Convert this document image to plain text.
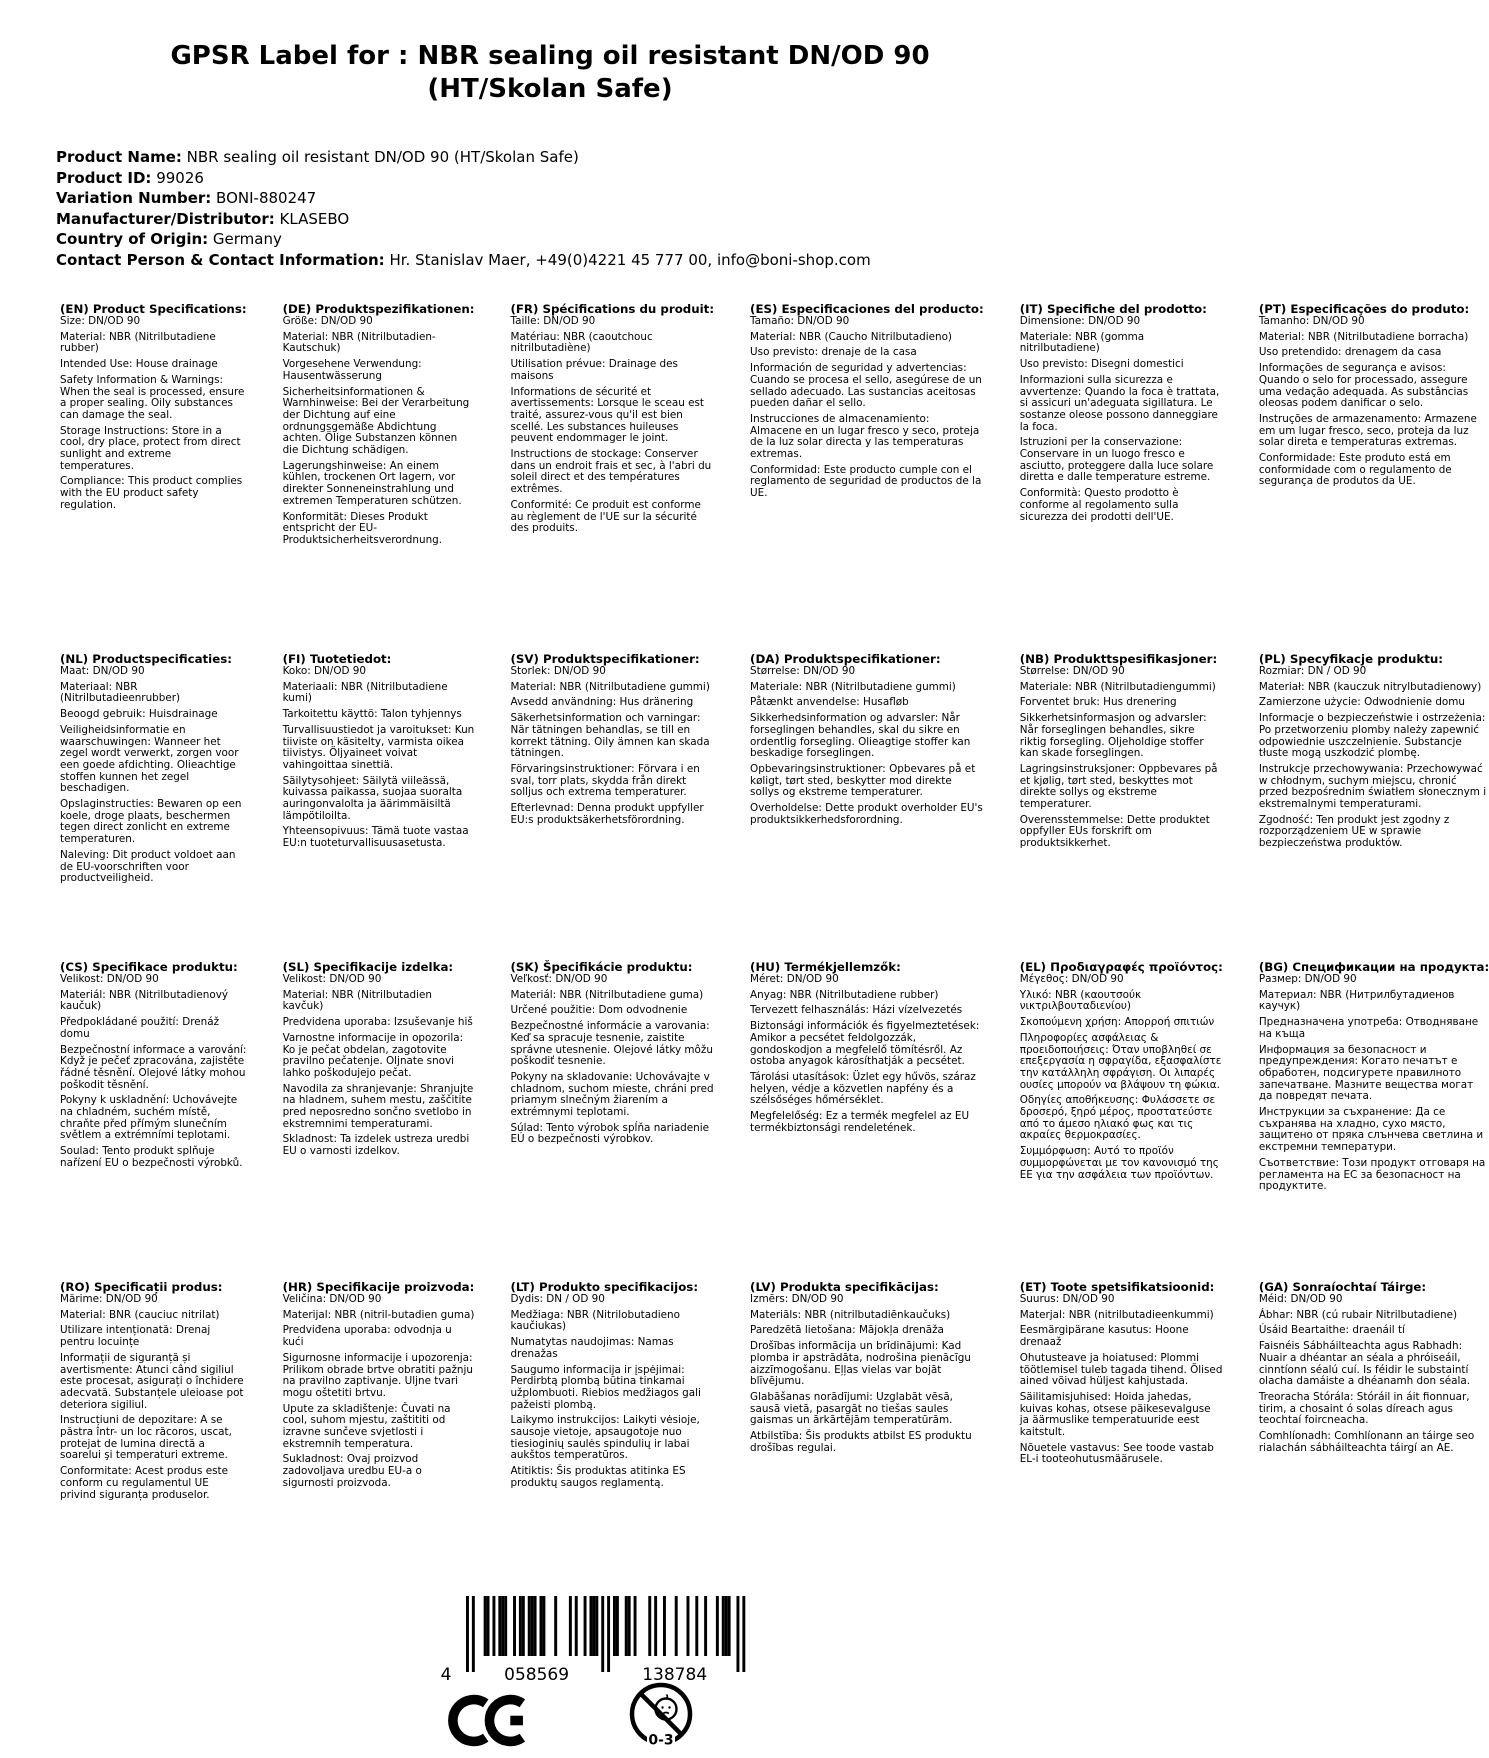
GPSR Label for : NBR sealing oil resistant DN/OD 90 (HT/Skolan Safe)
Product Name: NBR sealing oil resistant DN/OD 90 (HT/Skolan Safe)
Product ID: 99026
Variation Number: BONI-880247
Manufacturer/Distributor: KLASEBO
Country of Origin: Germany
Contact Person & Contact Information: Hr. Stanislav Maer, +49(0)4221 45 777 00, info@boni-shop.com
(EN) Product Specifications:

Size: DN/OD 90

Material: NBR (Nitrilbutadiene rubber)

Intended Use: House drainage

Safety Information & Warnings: When the seal is processed, ensure a proper sealing. Oily substances can damage the seal.

Storage Instructions: Store in a cool, dry place, protect from direct sunlight and extreme temperatures.

Compliance: This product complies with the EU product safety regulation.

(DE) Produktspezifikationen:

Größe: DN/OD 90

Material: NBR (Nitrilbutadien-Kautschuk)

Vorgesehene Verwendung: Hausentwässerung

Sicherheitsinformationen & Warnhinweise: Bei der Verarbeitung der Dichtung auf eine ordnungsgemäße Abdichtung achten. Ölige Substanzen können die Dichtung schädigen.

Lagerungshinweise: An einem kühlen, trockenen Ort lagern, vor direkter Sonneneinstrahlung und extremen Temperaturen schützen.

Konformität: Dieses Produkt entspricht der EU-Produktsicherheitsverordnung.

(FR) Spécifications du produit:

Taille: DN/OD 90

Matériau: NBR (caoutchouc nitrilbutadiène)

Utilisation prévue: Drainage des maisons

Informations de sécurité et avertissements: Lorsque le sceau est traité, assurez-vous qu'il est bien scellé. Les substances huileuses peuvent endommager le joint.

Instructions de stockage: Conserver dans un endroit frais et sec, à l'abri du soleil direct et des températures extrêmes.

Conformité: Ce produit est conforme au règlement de l'UE sur la sécurité des produits.

(ES) Especificaciones del producto:

Tamaño: DN/OD 90

Material: NBR (Caucho Nitrilbutadieno)

Uso previsto: drenaje de la casa

Información de seguridad y advertencias: Cuando se procesa el sello, asegúrese de un sellado adecuado. Las sustancias aceitosas pueden dañar el sello.

Instrucciones de almacenamiento: Almacene en un lugar fresco y seco, proteja de la luz solar directa y las temperaturas extremas.

Conformidad: Este producto cumple con el reglamento de seguridad de productos de la UE.

(IT) Specifiche del prodotto:

Dimensione: DN/OD 90

Materiale: NBR (gomma nitrilbutadiene)

Uso previsto: Disegni domestici

Informazioni sulla sicurezza e avvertenze: Quando la foca è trattata, si assicuri un'adeguata sigillatura. Le sostanze oleose possono danneggiare la foca.

Istruzioni per la conservazione: Conservare in un luogo fresco e asciutto, proteggere dalla luce solare diretta e dalle temperature estreme.

Conformità: Questo prodotto è conforme al regolamento sulla sicurezza dei prodotti dell'UE.

(PT) Especificações do produto:

Tamanho: DN/OD 90

Material: NBR (Nitrilbutadiene borracha)

Uso pretendido: drenagem da casa

Informações de segurança e avisos: Quando o selo for processado, assegure uma vedação adequada. As substâncias oleosas podem danificar o selo.

Instruções de armazenamento: Armazene em um lugar fresco, seco, proteja da luz solar direta e temperaturas extremas.

Conformidade: Este produto está em conformidade com o regulamento de segurança de produtos da UE.

(NL) Productspecificaties:

Maat: DN/OD 90

Materiaal: NBR (Nitrilbutadieenrubber)

Beoogd gebruik: Huisdrainage

Veiligheidsinformatie en waarschuwingen: Wanneer het zegel wordt verwerkt, zorgen voor een goede afdichting. Olieachtige stoffen kunnen het zegel beschadigen.

Opslaginstructies: Bewaren op een koele, droge plaats, beschermen tegen direct zonlicht en extreme temperaturen.

Naleving: Dit product voldoet aan de EU-voorschriften voor productveiligheid.

(FI) Tuotetiedot:

Koko: DN/OD 90

Materiaali: NBR (Nitrilbutadiene kumi)

Tarkoitettu käyttö: Talon tyhjennys

Turvallisuustiedot ja varoitukset: Kun tiiviste on käsitelty, varmista oikea tiivistys. Öljyaineet voivat vahingoittaa sinettiä.

Säilytysohjeet: Säilytä viileässä, kuivassa paikassa, suojaa suoralta auringonvalolta ja äärimmäisiltä lämpötiloilta.

Yhteensopivuus: Tämä tuote vastaa EU:n tuoteturvallisuusasetusta.

(SV) Produktspecifikationer:

Storlek: DN/OD 90

Material: NBR (Nitrilbutadiene gummi)

Avsedd användning: Hus dränering

Säkerhetsinformation och varningar: När tätningen behandlas, se till en korrekt tätning. Oily ämnen kan skada tätningen.

Förvaringsinstruktioner: Förvara i en sval, torr plats, skydda från direkt solljus och extrema temperaturer.

Efterlevnad: Denna produkt uppfyller EU:s produktsäkerhetsförordning.

(DA) Produktspecifikationer:

Størrelse: DN/OD 90

Materiale: NBR (Nitrilbutadiene gummi)

Påtænkt anvendelse: Husafløb

Sikkerhedsinformation og advarsler: Når forseglingen behandles, skal du sikre en ordentlig forsegling. Olieagtige stoffer kan beskadige forseglingen.

Opbevaringsinstruktioner: Opbevares på et køligt, tørt sted, beskytter mod direkte sollys og ekstreme temperaturer.

Overholdelse: Dette produkt overholder EU's produktsikkerhedsforordning.

(NB) Produkttspesifikasjoner:

Størrelse: DN/OD 90

Materiale: NBR (Nitrilbutadiengummi)

Forventet bruk: Hus drenering

Sikkerhetsinformasjon og advarsler: Når forseglingen behandles, sikre riktig forsegling. Oljeholdige stoffer kan skade forseglingen.

Lagringsinstruksjoner: Oppbevares på et kjølig, tørt sted, beskyttes mot direkte sollys og ekstreme temperaturer.

Overensstemmelse: Dette produktet oppfyller EUs forskrift om produktsikkerhet.

(PL) Specyfikacje produktu:

Rozmiar: DN / OD 90

Materiał: NBR (kauczuk nitrylbutadienowy)

Zamierzone użycie: Odwodnienie domu

Informacje o bezpieczeństwie i ostrzeżenia: Po przetworzeniu plomby należy zapewnić odpowiednie uszczelnienie. Substancje tłuste mogą uszkodzić plombę.

Instrukcje przechowywania: Przechowywać w chłodnym, suchym miejscu, chronić przed bezpośrednim światłem słonecznym i ekstremalnymi temperaturami.

Zgodność: Ten produkt jest zgodny z rozporządzeniem UE w sprawie bezpieczeństwa produktów.

(CS) Specifikace produktu:

Velikost: DN/OD 90

Materiál: NBR (Nitrilbutadienový kaučuk)

Předpokládané použití: Drenáž domu

Bezpečnostní informace a varování: Když je pečeť zpracována, zajistěte řádné těsnění. Olejové látky mohou poškodit těsnění.

Pokyny k uskladnění: Uchovávejte na chladném, suchém místě, chraňte před přímým slunečním světlem a extrémními teplotami.

Soulad: Tento produkt splňuje nařízení EU o bezpečnosti výrobků.

(SL) Specifikacije izdelka:

Velikost: DN/OD 90

Material: NBR (Nitrilbutadien kavčuk)

Predvidena uporaba: Izsuševanje hiš

Varnostne informacije in opozorila: Ko je pečat obdelan, zagotovite pravilno pečatenje. Oljnate snovi lahko poškodujejo pečat.

Navodila za shranjevanje: Shranjujte na hladnem, suhem mestu, zaščitite pred neposredno sončno svetlobo in ekstremnimi temperaturami.

Skladnost: Ta izdelek ustreza uredbi EU o varnosti izdelkov.

(SK) Špecifikácie produktu:

Veľkosť: DN/OD 90

Materiál: NBR (Nitrilbutadiene guma)

Určené použitie: Dom odvodnenie

Bezpečnostné informácie a varovania: Keď sa spracuje tesnenie, zaistite správne utesnenie. Olejové látky môžu poškodiť tesnenie.

Pokyny na skladovanie: Uchovávajte v chladnom, suchom mieste, chráni pred priamym slnečným žiarením a extrémnymi teplotami.

Súlad: Tento výrobok spĺňa nariadenie EÚ o bezpečnosti výrobkov.

(HU) Termékjellemzők:

Méret: DN/OD 90

Anyag: NBR (Nitrilbutadiene rubber)

Tervezett felhasználás: Házi vízelvezetés

Biztonsági információk és figyelmeztetések: Amikor a pecsétet feldolgozzák, gondoskodjon a megfelelő tömítésről. Az ostoba anyagok károsíthatják a pecsétet.

Tárolási utasítások: Üzlet egy hűvös, száraz helyen, védje a közvetlen napfény és a szélsőséges hőmérséklet.

Megfelelőség: Ez a termék megfelel az EU termékbiztonsági rendeletének.

(EL) Προδιαγραφές προϊόντος:

Μέγεθος: DN/OD 90

Υλικό: NBR (καουτσούκ νικτριλβουταδιενίου)

Σκοπούμενη χρήση: Απορροή σπιτιών

Πληροφορίες ασφάλειας & προειδοποιήσεις: Όταν υποβληθεί σε επεξεργασία η σφραγίδα, εξασφαλίστε την κατάλληλη σφράγιση. Οι λιπαρές ουσίες μπορούν να βλάψουν τη φώκια.

Οδηγίες αποθήκευσης: Φυλάσσετε σε δροσερό, ξηρό μέρος, προστατεύστε από το άμεσο ηλιακό φως και τις ακραίες θερμοκρασίες.

Συμμόρφωση: Αυτό το προϊόν συμμορφώνεται με τον κανονισμό της ΕΕ για την ασφάλεια των προϊόντων.

(BG) Спецификации на продукта:

Размер: DN/OD 90

Материал: NBR (Нитрилбутадиенов каучук)

Предназначена употреба: Отводняване на къща

Информация за безопасност и предупреждения: Когато печатът е обработен, подсигурете правилното запечатване. Мазните вещества могат да повредят печата.

Инструкции за съхранение: Да се съхранява на хладно, сухо място, защитено от пряка слънчева светлина и екстремни температури.

Съответствие: Този продукт отговаря на регламента на ЕС за безопасност на продуктите.

(RO) Specificații produs:

Mărime: DN/OD 90

Material: BNR (cauciuc nitrilat)

Utilizare intenționată: Drenaj pentru locuințe

Informații de siguranță și avertismente: Atunci când sigiliul este procesat, asigurați o închidere adecvată. Substanțele uleioase pot deteriora sigiliul.

Instrucțiuni de depozitare: A se păstra într- un loc răcoros, uscat, protejat de lumina directă a soarelui şi temperaturi extreme.

Conformitate: Acest produs este conform cu regulamentul UE privind siguranța produselor.

(HR) Specifikacije proizvoda:

Veličina: DN/OD 90

Materijal: NBR (nitril-butadien guma)

Predviđena uporaba: odvodnja u kući

Sigurnosne informacije i upozorenja: Prilikom obrade brtve obratiti pažnju na pravilno zaptivanje. Uljne tvari mogu oštetiti brtvu.

Upute za skladištenje: Čuvati na cool, suhom mjestu, zaštititi od izravne sunčeve svjetlosti i ekstremnih temperatura.

Sukladnost: Ovaj proizvod zadovoljava uredbu EU-a o sigurnosti proizvoda.

(LT) Produkto specifikacijos:

Dydis: DN / OD 90

Medžiaga: NBR (Nitrilobutadieno kaučiukas)

Numatytas naudojimas: Namas drenažas

Saugumo informacija ir įspėjimai: Perdirbtą plombą būtina tinkamai užplombuoti. Riebios medžiagos gali pažeisti plombą.

Laikymo instrukcijos: Laikyti vėsioje, sausoje vietoje, apsaugotoje nuo tiesioginių saulės spindulių ir labai aukštos temperatūros.

Atitiktis: Šis produktas atitinka ES produktų saugos reglamentą.

(LV) Produkta specifikācijas:

Izmērs: DN/OD 90

Materiāls: NBR (nitrilbutadiēnkaučuks)

Paredzētā lietošana: Mājokļa drenāža

Drošības informācija un brīdinājumi: Kad plomba ir apstrādāta, nodrošina pienācīgu aizzīmogošanu. Eļļas vielas var bojāt blīvējumu.

Glabāšanas norādījumi: Uzglabāt vēsā, sausā vietā, pasargāt no tiešas saules gaismas un ārkārtējām temperatūrām.

Atbilstība: Šis produkts atbilst ES produktu drošības regulai.

(ET) Toote spetsifikatsioonid:

Suurus: DN/OD 90

Materjal: NBR (nitrilbutadieenkummi)

Eesmärgipärane kasutus: Hoone drenaaž

Ohutusteave ja hoiatused: Plommi töötlemisel tuleb tagada tihend. Õlised ained võivad hüljest kahjustada.

Säilitamisjuhised: Hoida jahedas, kuivas kohas, otsese päikesevalguse ja äärmuslike temperatuuride eest kaitstult.

Nõuetele vastavus: See toode vastab EL-i tooteohutusmäärusele.

(GA) Sonraíochtaí Táirge:

Méid: DN/OD 90

Ábhar: NBR (cú rubair Nitrilbutadiene)

Úsáid Beartaithe: draenáil tí

Faisnéis Sábháilteachta agus Rabhadh: Nuair a dhéantar an séala a phróiseáil, cinntíonn séalú cuí. Is féidir le substaintí olacha damáiste a dhéanamh don séala.

Treoracha Stórála: Stóráil in áit fionnuar, tirim, a chosaint ó solas díreach agus teochtaí foircneacha.

Comhlíonadh: Comhlíonann an táirge seo rialachán sábháilteachta táirgí an AE.

4	058569	138784
0-3
